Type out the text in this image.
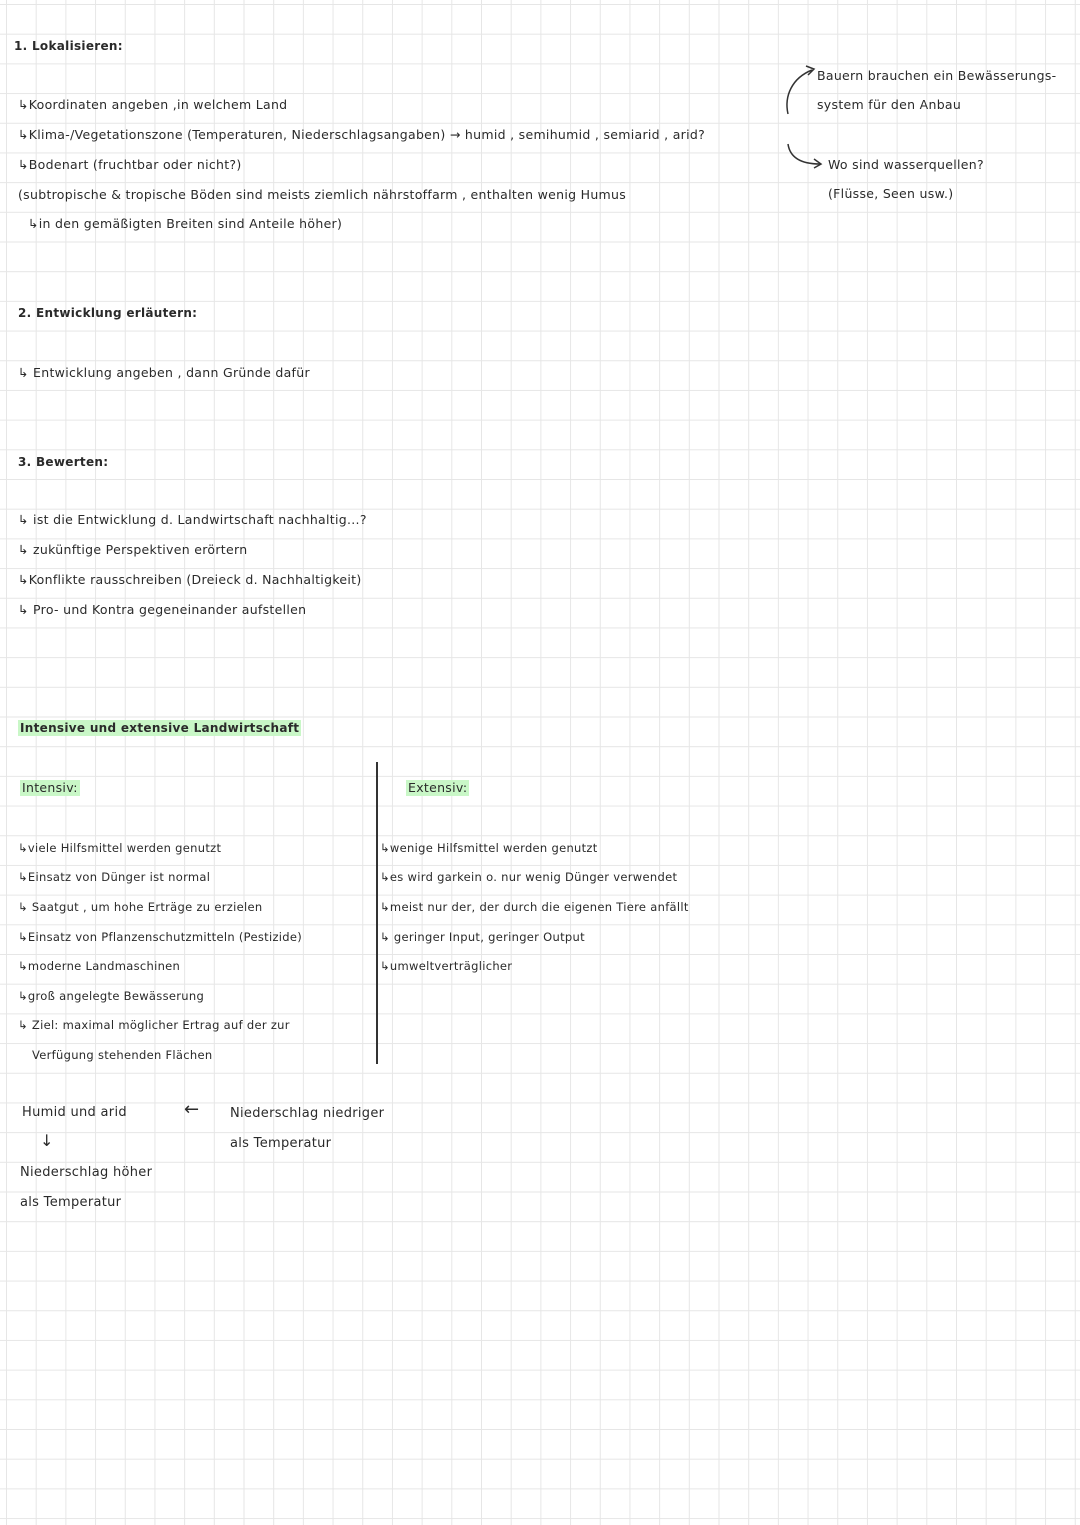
1. Lokalisieren:
↳Koordinaten angeben ,in welchem Land
↳Klima-/Vegetationszone (Temperaturen, Niederschlagsangaben) → humid , semihumid , semiarid , arid?
↳Bodenart (fruchtbar oder nicht?)
(subtropische & tropische Böden sind meists ziemlich nährstoffarm , enthalten wenig Humus
↳in den gemäßigten Breiten sind Anteile höher)
Bauern brauchen ein Bewässerungs-
system für den Anbau
Wo sind wasserquellen?
(Flüsse, Seen usw.)
2. Entwicklung erläutern:
↳ Entwicklung angeben , dann Gründe dafür
3. Bewerten:
↳ ist die Entwicklung d. Landwirtschaft nachhaltig...?
↳ zukünftige Perspektiven erörtern
↳Konflikte rausschreiben (Dreieck d. Nachhaltigkeit)
↳ Pro- und Kontra gegeneinander aufstellen
Intensive und extensive Landwirtschaft
Intensiv:	Extensiv:
↳viele Hilfsmittel werden genutzt
↳Einsatz von Dünger ist normal
↳ Saatgut , um hohe Erträge zu erzielen
↳Einsatz von Pflanzenschutzmitteln (Pestizide)
↳moderne Landmaschinen
↳groß angelegte Bewässerung
↳ Ziel: maximal möglicher Ertrag auf der zur
Verfügung stehenden Flächen
↳wenige Hilfsmittel werden genutzt
↳es wird garkein o. nur wenig Dünger verwendet
↳meist nur der, der durch die eigenen Tiere anfällt
↳ geringer Input, geringer Output
↳umweltverträglicher
Humid und arid
↓
← Niederschlag niedriger
als Temperatur
Niederschlag höher
als Temperatur
